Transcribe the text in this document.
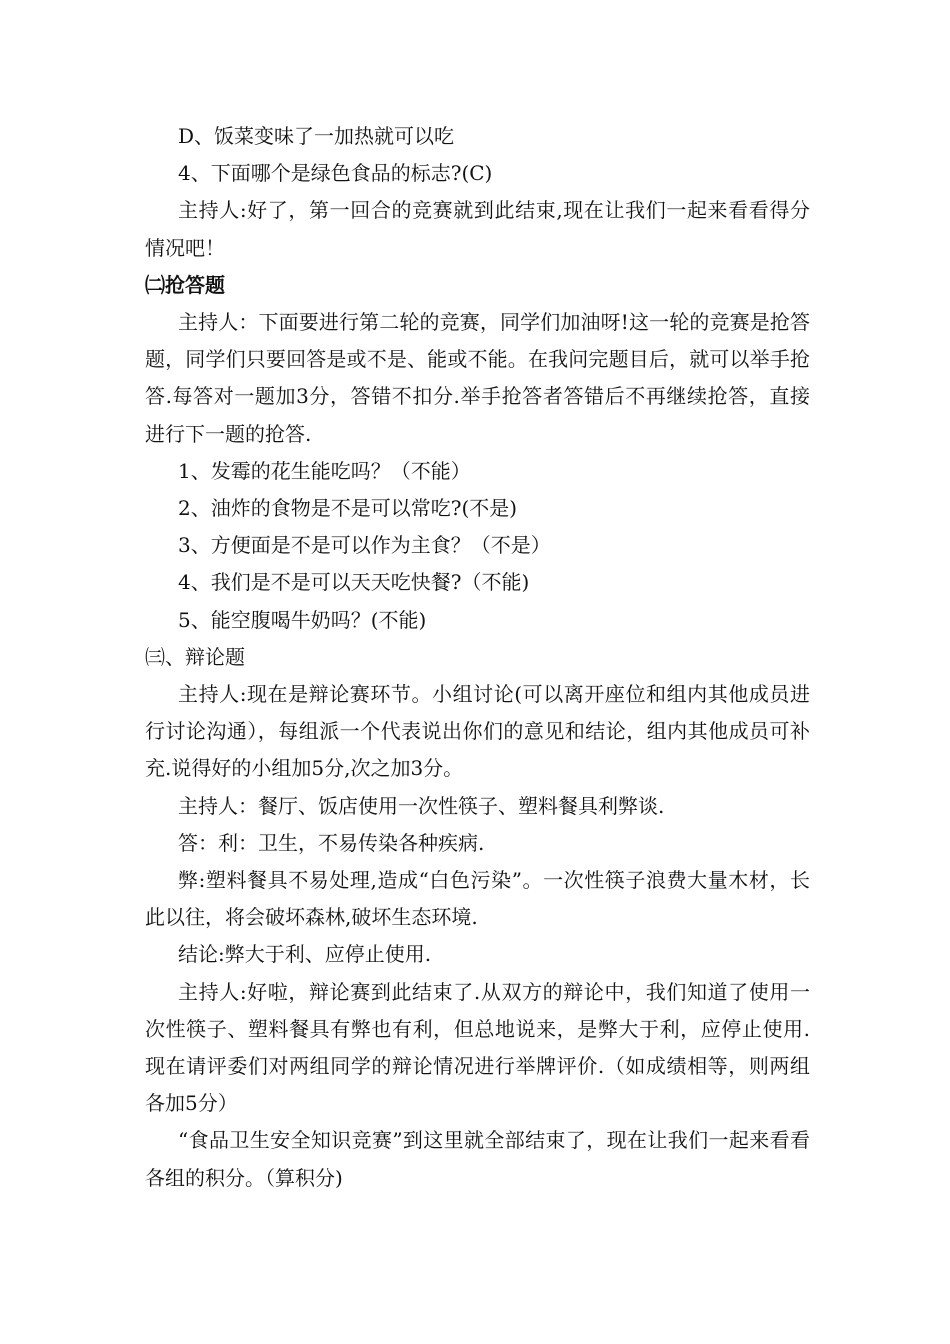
D、饭菜变味了一加热就可以吃

4、下面哪个是绿色食品的标志?(C)

主持人:好了，第一回合的竞赛就到此结束,现在让我们一起来看看得分情况吧！

㈡抢答题

主持人：下面要进行第二轮的竞赛，同学们加油呀!这一轮的竞赛是抢答题，同学们只要回答是或不是、能或不能。在我问完题目后，就可以举手抢答.每答对一题加3分，答错不扣分.举手抢答者答错后不再继续抢答，直接进行下一题的抢答.

1、发霉的花生能吃吗？（不能）

2、油炸的食物是不是可以常吃?(不是)

3、方便面是不是可以作为主食？（不是）

4、我们是不是可以天天吃快餐?（不能)

5、能空腹喝牛奶吗？(不能)

㈢、辩论题

主持人:现在是辩论赛环节。小组讨论(可以离开座位和组内其他成员进行讨论沟通），每组派一个代表说出你们的意见和结论，组内其他成员可补充.说得好的小组加5分,次之加3分。

主持人：餐厅、饭店使用一次性筷子、塑料餐具利弊谈.

答：利：卫生，不易传染各种疾病.

弊:塑料餐具不易处理,造成“白色污染”。一次性筷子浪费大量木材，长此以往，将会破坏森林,破坏生态环境.

结论:弊大于利、应停止使用.

主持人:好啦，辩论赛到此结束了.从双方的辩论中，我们知道了使用一次性筷子、塑料餐具有弊也有利，但总地说来，是弊大于利，应停止使用.现在请评委们对两组同学的辩论情况进行举牌评价.（如成绩相等，则两组各加5分）

“食品卫生安全知识竞赛”到这里就全部结束了，现在让我们一起来看看各组的积分。（算积分)
